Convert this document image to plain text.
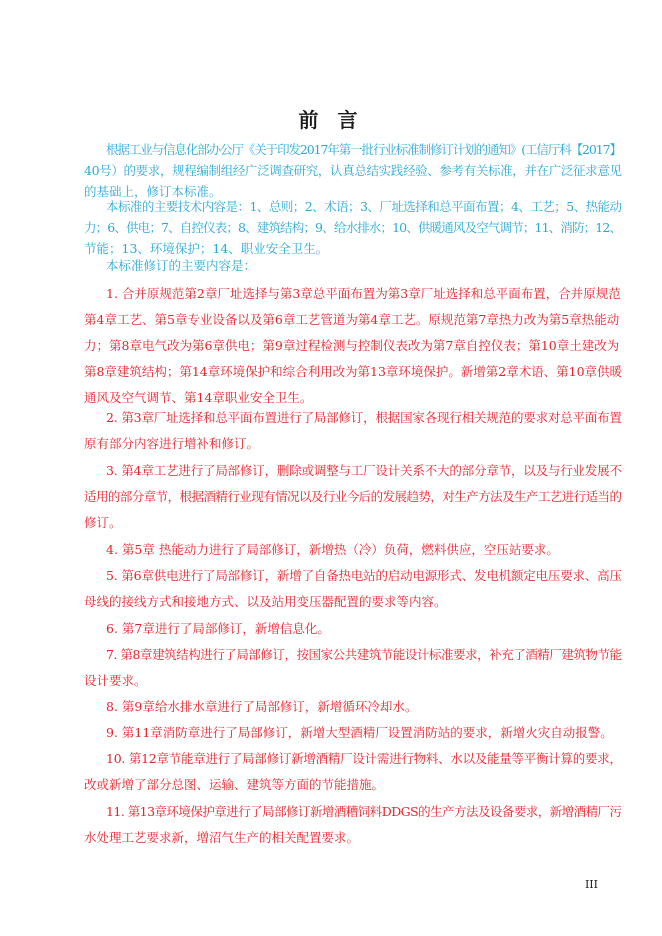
前 言
根据工业与信息化部办公厅《关于印发2017年第一批行业标准制修订计划的通知》(工信厅科【2017】
40号）的要求，规程编制组经广泛调查研究，认真总结实践经验、参考有关标准，并在广泛征求意见
的基础上，修订本标准。
本标准的主要技术内容是：1、总则；2、术语；3、厂址选择和总平面布置；4、工艺；5、热能动
力；6、供电；7、自控仪表；8、建筑结构；9、给水排水；10、供暖通风及空气调节；11、消防；12、
节能；13、环境保护；14、职业安全卫生。
本标准修订的主要内容是：
1. 合并原规范第2章厂址选择与第3章总平面布置为第3章厂址选择和总平面布置，合并原规范
第4章工艺、第5章专业设备以及第6章工艺管道为第4章工艺。原规范第7章热力改为第5章热能动
力；第8章电气改为第6章供电；第9章过程检测与控制仪表改为第7章自控仪表；第10章土建改为
第8章建筑结构；第14章环境保护和综合利用改为第13章环境保护。新增第2章术语、第10章供暖
通风及空气调节、第14章职业安全卫生。
2. 第3章厂址选择和总平面布置进行了局部修订，根据国家各现行相关规范的要求对总平面布置
原有部分内容进行增补和修订。
3. 第4章工艺进行了局部修订，删除或调整与工厂设计关系不大的部分章节，以及与行业发展不
适用的部分章节，根据酒精行业现有情况以及行业今后的发展趋势，对生产方法及生产工艺进行适当的
修订。
4. 第5章 热能动力进行了局部修订，新增热（冷）负荷，燃料供应，空压站要求。
5. 第6章供电进行了局部修订，新增了自备热电站的启动电源形式、发电机额定电压要求、高压
母线的接线方式和接地方式、以及站用变压器配置的要求等内容。
6. 第7章进行了局部修订，新增信息化。
7. 第8章建筑结构进行了局部修订，按国家公共建筑节能设计标准要求，补充了酒精厂建筑物节能
设计要求。
8. 第9章给水排水章进行了局部修订，新增循环冷却水。
9. 第11章消防章进行了局部修订，新增大型酒精厂设置消防站的要求，新增火灾自动报警。
10. 第12章节能章进行了局部修订新增酒精厂设计需进行物料、水以及能量等平衡计算的要求，
改或新增了部分总图、运输、建筑等方面的节能措施。
11. 第13章环境保护章进行了局部修订新增酒糟饲料DDGS的生产方法及设备要求，新增酒精厂污
水处理工艺要求新，增沼气生产的相关配置要求。
III
